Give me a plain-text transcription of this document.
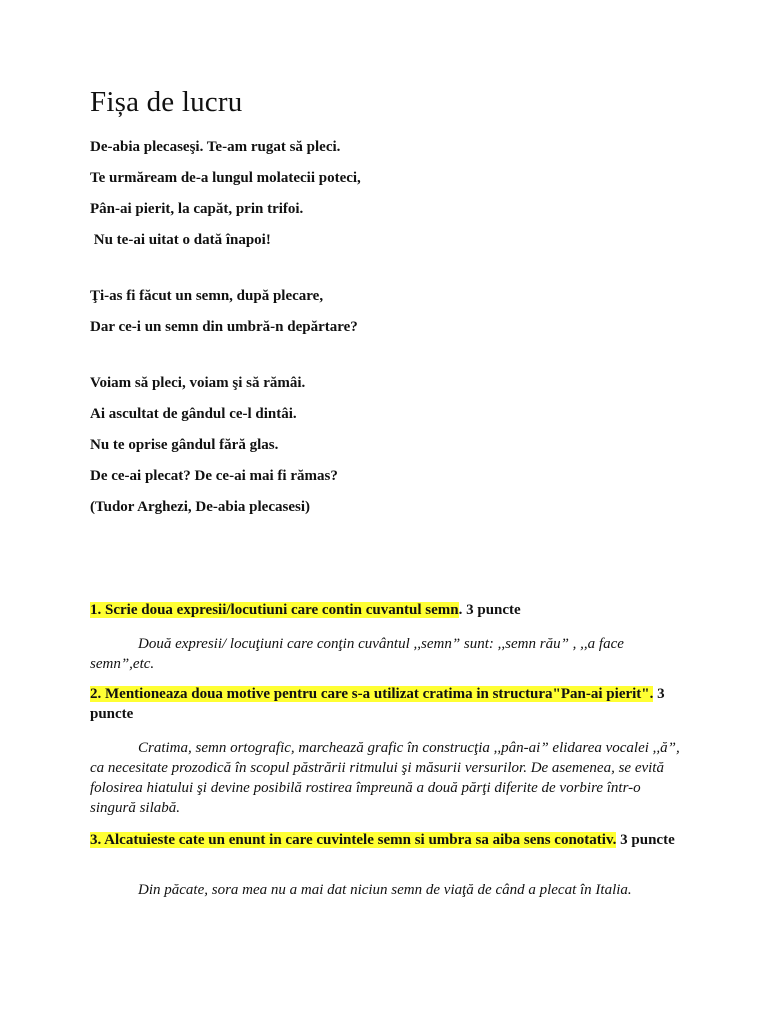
Fișa de lucru
De-abia plecaseşi. Te-am rugat să pleci.
Te urmăream de-a lungul molatecii poteci,
Pân-ai pierit, la capăt, prin trifoi.
Nu te-ai uitat o dată înapoi!
Ţi-as fi făcut un semn, după plecare,
Dar ce-i un semn din umbră-n depărtare?
Voiam să pleci, voiam şi să rămâi.
Ai ascultat de gândul ce-l dintâi.
Nu te oprise gândul fără glas.
De ce-ai plecat? De ce-ai mai fi rămas?
(Tudor Arghezi, De-abia plecasesi)
1. Scrie doua expresii/locutiuni care contin cuvantul semn. 3 puncte
Două expresii/ locuţiuni care conţin cuvântul ,,semn” sunt: ,,semn rău” , ,,a face semn”,etc.
2. Mentioneaza doua motive pentru care s-a utilizat cratima in structura"Pan-ai pierit". 3 puncte
Cratima, semn ortografic, marchează grafic în construcţia ,,pân-ai” elidarea vocalei ,,ă”, ca necesitate prozodică în scopul păstrării ritmului şi măsurii versurilor. De asemenea, se evită folosirea hiatului şi devine posibilă rostirea împreună a două părţi diferite de vorbire într-o singură silabă.
3. Alcatuieste cate un enunt in care cuvintele semn si umbra sa aiba sens conotativ. 3 puncte
Din păcate, sora mea nu a mai dat niciun semn de viaţă de când a plecat în Italia.
